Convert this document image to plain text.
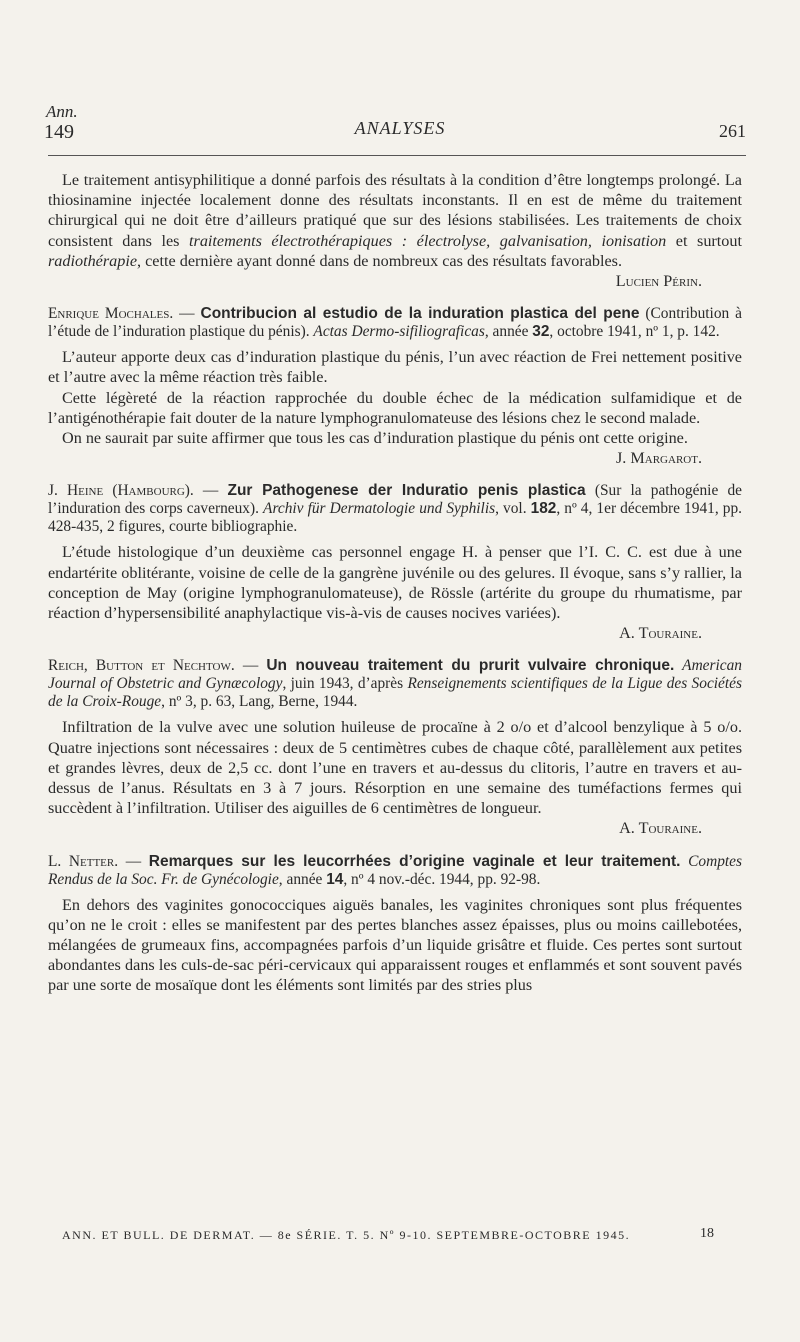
Ann.
149	ANALYSES	261

Le traitement antisyphilitique a donné parfois des résultats à la condition d’être longtemps prolongé. La thiosinamine injectée localement donne des résultats inconstants. Il en est de même du traitement chirurgical qui ne doit être d’ailleurs pratiqué que sur des lésions stabilisées. Les traitements de choix consistent dans les traitements électrothérapiques : électrolyse, galvanisation, ionisation et surtout radiothérapie, cette dernière ayant donné dans de nombreux cas des résultats favorables.

Lucien Périn.

Enrique Mochales. — Contribucion al estudio de la induration plastica del pene (Contribution à l’étude de l’induration plastique du pénis). Actas Dermo-sifiliograficas, année 32, octobre 1941, nº 1, p. 142.

L’auteur apporte deux cas d’induration plastique du pénis, l’un avec réaction de Frei nettement positive et l’autre avec la même réaction très faible.

Cette légèreté de la réaction rapprochée du double échec de la médication sulfamidique et de l’antigénothérapie fait douter de la nature lymphogranulomateuse des lésions chez le second malade.

On ne saurait par suite affirmer que tous les cas d’induration plastique du pénis ont cette origine.

J. Margarot.

J. Heine (Hambourg). — Zur Pathogenese der Induratio penis plastica (Sur la pathogénie de l’induration des corps caverneux). Archiv für Dermatologie und Syphilis, vol. 182, nº 4, 1er décembre 1941, pp. 428-435, 2 figures, courte bibliographie.

L’étude histologique d’un deuxième cas personnel engage H. à penser que l’I. C. C. est due à une endartérite oblitérante, voisine de celle de la gangrène juvénile ou des gelures. Il évoque, sans s’y rallier, la conception de May (origine lymphogranulomateuse), de Rössle (artérite du groupe du rhumatisme, par réaction d’hypersensibilité anaphylactique vis-à-vis de causes nocives variées).

A. Touraine.

Reich, Button et Nechtow. — Un nouveau traitement du prurit vulvaire chronique. American Journal of Obstetric and Gynæcology, juin 1943, d’après Renseignements scientifiques de la Ligue des Sociétés de la Croix-Rouge, nº 3, p. 63, Lang, Berne, 1944.

Infiltration de la vulve avec une solution huileuse de procaïne à 2 o/o et d’alcool benzylique à 5 o/o. Quatre injections sont nécessaires : deux de 5 centimètres cubes de chaque côté, parallèlement aux petites et grandes lèvres, deux de 2,5 cc. dont l’une en travers et au-dessus du clitoris, l’autre en travers et au-dessus de l’anus. Résultats en 3 à 7 jours. Résorption en une semaine des tuméfactions fermes qui succèdent à l’infiltration. Utiliser des aiguilles de 6 centimètres de longueur.

A. Touraine.

L. Netter. — Remarques sur les leucorrhées d’origine vaginale et leur traitement. Comptes Rendus de la Soc. Fr. de Gynécologie, année 14, nº 4 nov.-déc. 1944, pp. 92-98.

En dehors des vaginites gonococciques aiguës banales, les vaginites chroniques sont plus fréquentes qu’on ne le croit : elles se manifestent par des pertes blanches assez épaisses, plus ou moins caillebotées, mélangées de grumeaux fins, accompagnées parfois d’un liquide grisâtre et fluide. Ces pertes sont surtout abondantes dans les culs-de-sac péri-cervicaux qui apparaissent rouges et enflammés et sont souvent pavés par une sorte de mosaïque dont les éléments sont limités par des stries plus

ANN. ET BULL. DE DERMAT. — 8e SÉRIE. T. 5. Nº 9-10. SEPTEMBRE-OCTOBRE 1945.	18
